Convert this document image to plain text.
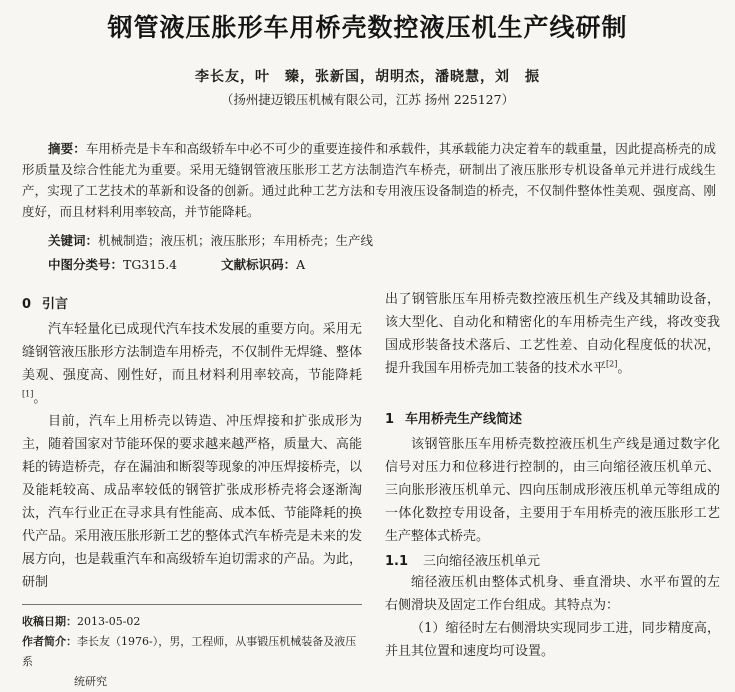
钢管液压胀形车用桥壳数控液压机生产线研制
李长友，叶　臻，张新国，胡明杰，潘晓慧，刘　振
（扬州捷迈锻压机械有限公司，江苏 扬州 225127）
摘要：车用桥壳是卡车和高级轿车中必不可少的重要连接件和承载件，其承载能力决定着车的载重量，因此提高桥壳的成形质量及综合性能尤为重要。采用无缝钢管液压胀形工艺方法制造汽车桥壳，研制出了液压胀形专机设备单元并进行成线生产，实现了工艺技术的革新和设备的创新。通过此种工艺方法和专用液压设备制造的桥壳，不仅制件整体性美观、强度高、刚度好，而且材料利用率较高，并节能降耗。
关键词：机械制造；液压机；液压胀形；车用桥壳；生产线
中图分类号：TG315.4	文献标识码：A
0 引言

汽车轻量化已成现代汽车技术发展的重要方向。采用无缝钢管液压胀形方法制造车用桥壳，不仅制件无焊缝、整体美观、强度高、刚性好，而且材料利用率较高，节能降耗[1]。

目前，汽车上用桥壳以铸造、冲压焊接和扩张成形为主，随着国家对节能环保的要求越来越严格，质量大、高能耗的铸造桥壳，存在漏油和断裂等现象的冲压焊接桥壳，以及能耗较高、成品率较低的钢管扩张成形桥壳将会逐渐淘汰，汽车行业正在寻求具有性能高、成本低、节能降耗的换代产品。采用液压胀形新工艺的整体式汽车桥壳是未来的发展方向，也是载重汽车和高级轿车迫切需求的产品。为此，研制

收稿日期：2013-05-02
作者简介：李长友（1976-），男，工程师，从事锻压机械装备及液压系
统研究

出了钢管胀压车用桥壳数控液压机生产线及其辅助设备，该大型化、自动化和精密化的车用桥壳生产线，将改变我国成形装备技术落后、工艺性差、自动化程度低的状况，提升我国车用桥壳加工装备的技术水平[2]。

1 车用桥壳生产线简述

该钢管胀压车用桥壳数控液压机生产线是通过数字化信号对压力和位移进行控制的，由三向缩径液压机单元、三向胀形液压机单元、四向压制成形液压机单元等组成的一体化数控专用设备，主要用于车用桥壳的液压胀形工艺生产整体式桥壳。

1.1 三向缩径液压机单元

缩径液压机由整体式机身、垂直滑块、水平布置的左右侧滑块及固定工作台组成。其特点为：

（1）缩径时左右侧滑块实现同步工进，同步精度高，并且其位置和速度均可设置。
